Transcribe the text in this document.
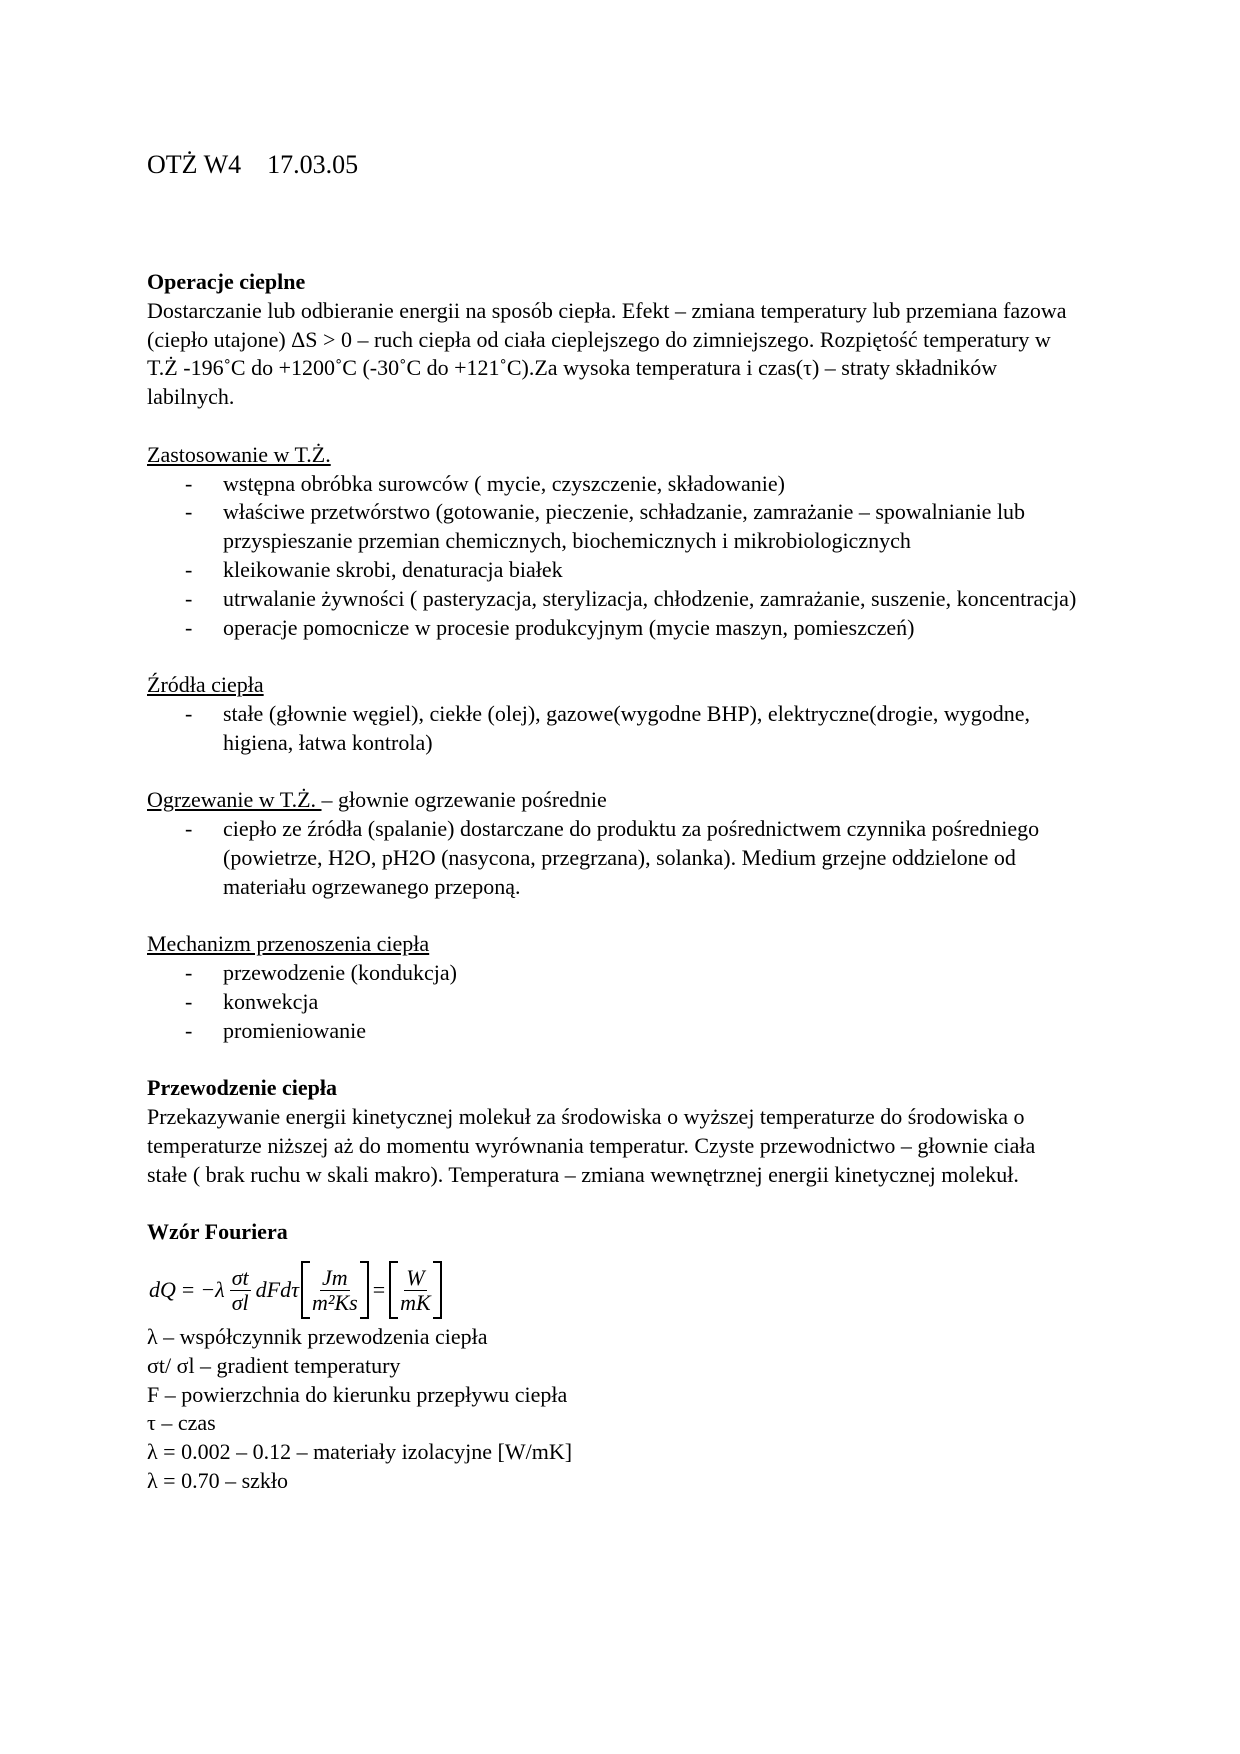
OTŻ W4    17.03.05

Operacje cieplne

Dostarczanie lub odbieranie energii na sposób ciepła. Efekt – zmiana temperatury lub przemiana fazowa (ciepło utajone) ΔS > 0 – ruch ciepła od ciała cieplejszego do zimniejszego. Rozpiętość temperatury w T.Ż -196˚C do +1200˚C (-30˚C do +121˚C).Za wysoka temperatura i czas(τ) – straty składników labilnych.

Zastosowanie w T.Ż.

- wstępna obróbka surowców ( mycie, czyszczenie, składowanie)
- właściwe przetwórstwo (gotowanie, pieczenie, schładzanie, zamrażanie – spowalnianie lub przyspieszanie przemian chemicznych, biochemicznych i mikrobiologicznych
- kleikowanie skrobi, denaturacja białek
- utrwalanie żywności ( pasteryzacja, sterylizacja, chłodzenie, zamrażanie, suszenie, koncentracja)
- operacje pomocnicze w procesie produkcyjnym (mycie maszyn, pomieszczeń)

Źródła ciepła

- stałe (głownie węgiel), ciekłe (olej), gazowe(wygodne BHP), elektryczne(drogie, wygodne, higiena, łatwa kontrola)

Ogrzewanie w T.Ż. – głownie ogrzewanie pośrednie

- ciepło ze źródła (spalanie) dostarczane do produktu za pośrednictwem czynnika pośredniego (powietrze, H2O, pH2O (nasycona, przegrzana), solanka). Medium grzejne oddzielone od materiału ogrzewanego przeponą.

Mechanizm przenoszenia ciepła

- przewodzenie (kondukcja)
- konwekcja
- promieniowanie

Przewodzenie ciepła

Przekazywanie energii kinetycznej molekuł za środowiska o wyższej temperaturze do środowiska o temperaturze niższej aż do momentu wyrównania temperatur. Czyste przewodnictwo – głownie ciała stałe ( brak ruchu w skali makro). Temperatura – zmiana wewnętrznej energii kinetycznej molekuł.

Wzór Fouriera

dQ = $-\lambda \frac{\sigma t}{\sigma l}$ dFdτ $\frac{Jm}{\text{m²Ks}} = \frac{W}{mK}$

λ – współczynnik przewodzenia ciepła

σt/ σl – gradient temperatury

F – powierzchnia do kierunku przepływu ciepła

τ – czas

λ = 0.002 – 0.12 – materiały izolacyjne [W/mK]

λ = 0.70 – szkło
